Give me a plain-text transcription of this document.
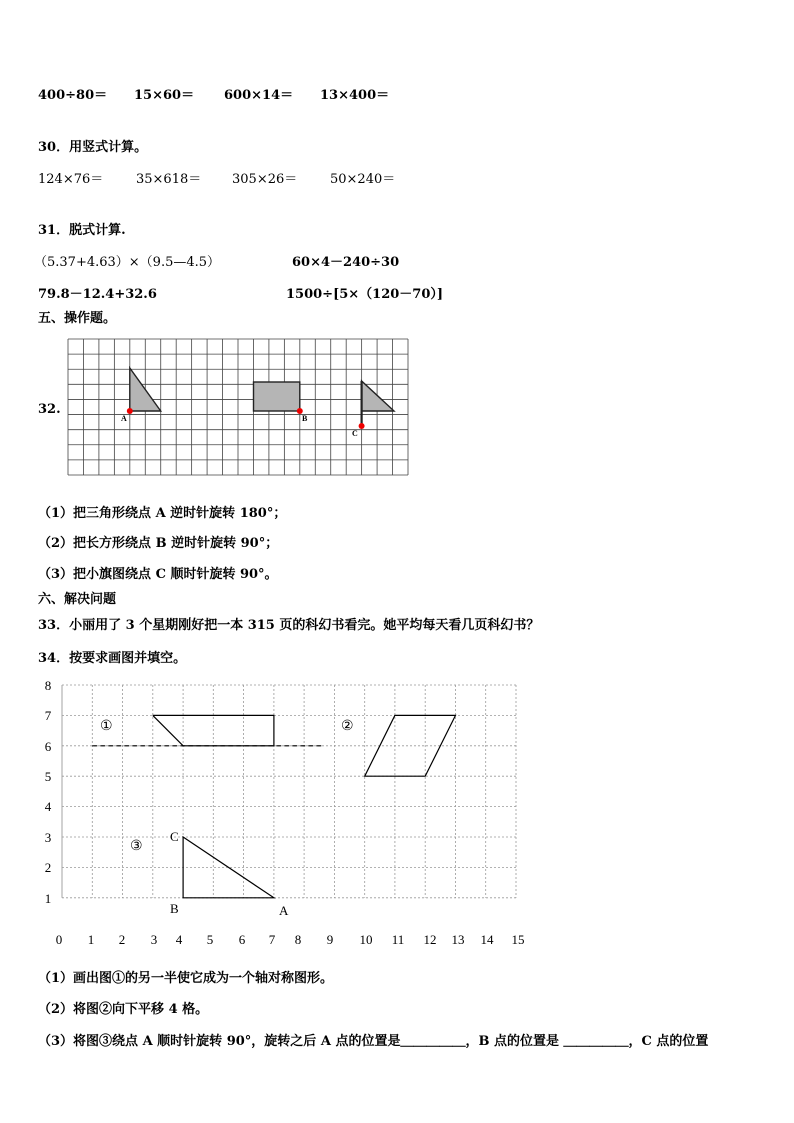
400÷80＝ 15×60＝ 600×14＝ 13×400＝
30．用竖式计算。
124×76＝	35×618＝ 305×26＝	50×240＝
31．脱式计算.
（5.37+4.63）×（9.5—4.5）	60×4－240÷30
79.8－12.4+32.6	1500÷[5×（120－70）]
五、操作题。
32.
A	B
C
（1）把三角形绕点 A 逆时针旋转 180°；
（2）把长方形绕点 B 逆时针旋转 90°；
（3）把小旗图绕点 C 顺时针旋转 90°。
六、解决问题
33．小丽用了 3 个星期刚好把一本 315 页的科幻书看完。她平均每天看几页科幻书？
34．按要求画图并填空。
①	②
③
C
B	A
8
7
6
5
4
3
2
1
0 1 2 3 4 5 6 7 8 9 10 11 12 13 14 15
（1）画出图①的另一半使它成为一个轴对称图形。
（2）将图②向下平移 4 格。
（3）将图③绕点 A 顺时针旋转 90°，旋转之后 A 点的位置是＿＿＿＿＿，B 点的位置是 ＿＿＿＿＿，C 点的位置
